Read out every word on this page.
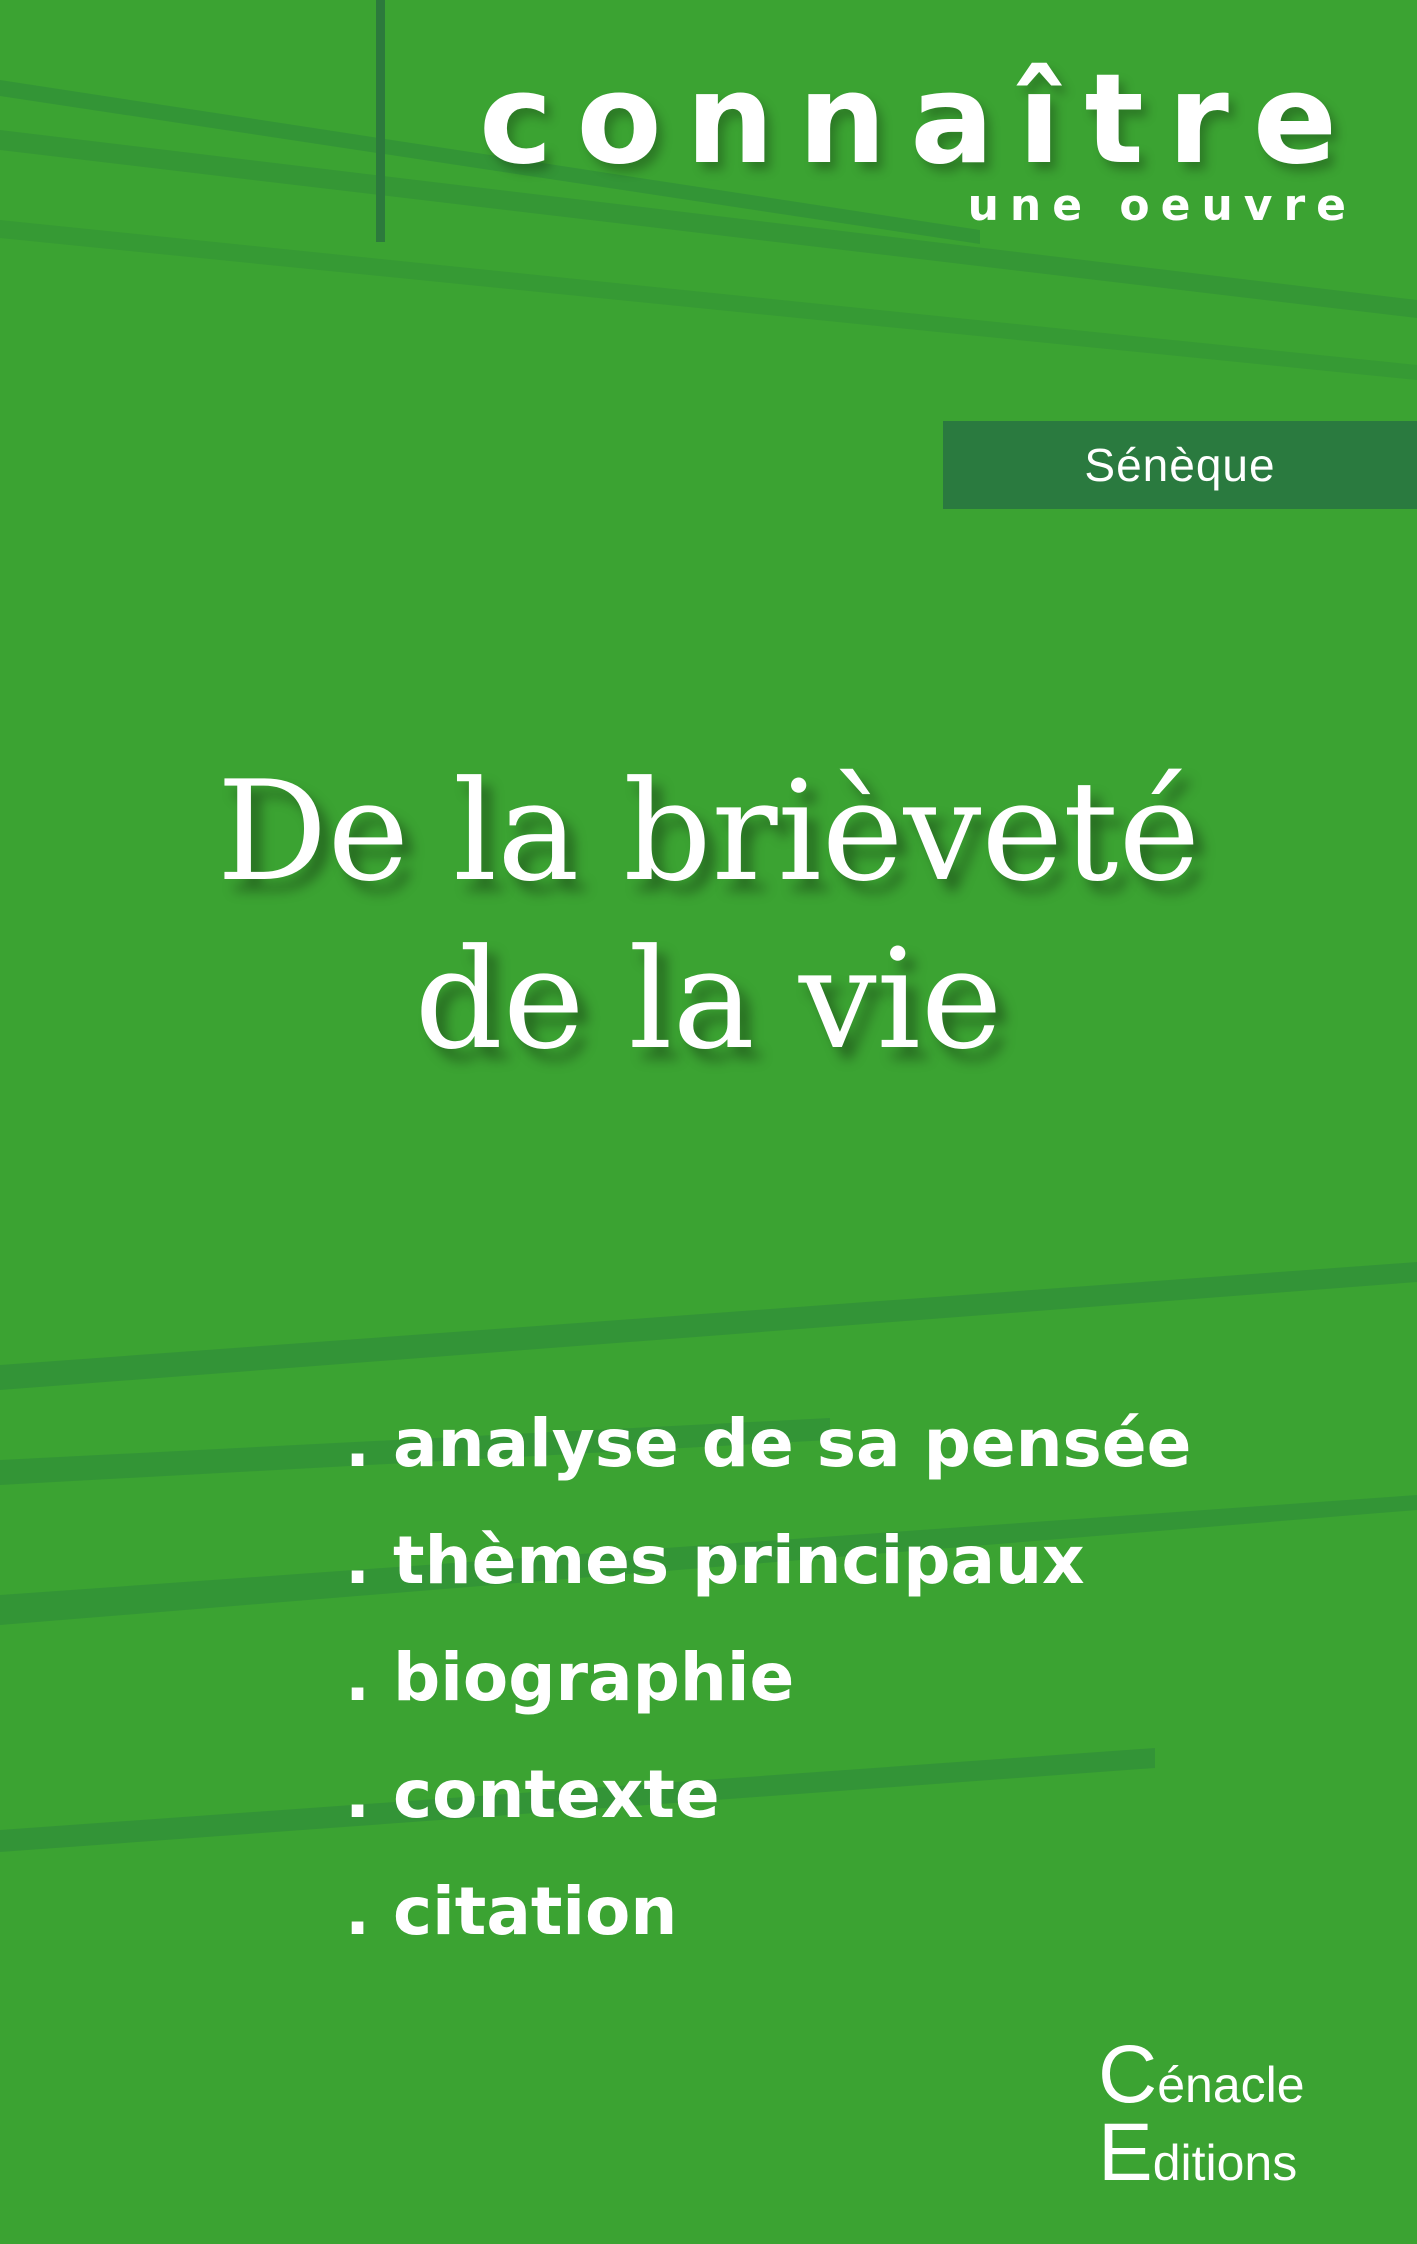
connaître
une oeuvre
Sénèque
De la brièveté
de la vie
. analyse de sa pensée
. thèmes principaux
. biographie
. contexte
. citation
Cénacle
Editions
